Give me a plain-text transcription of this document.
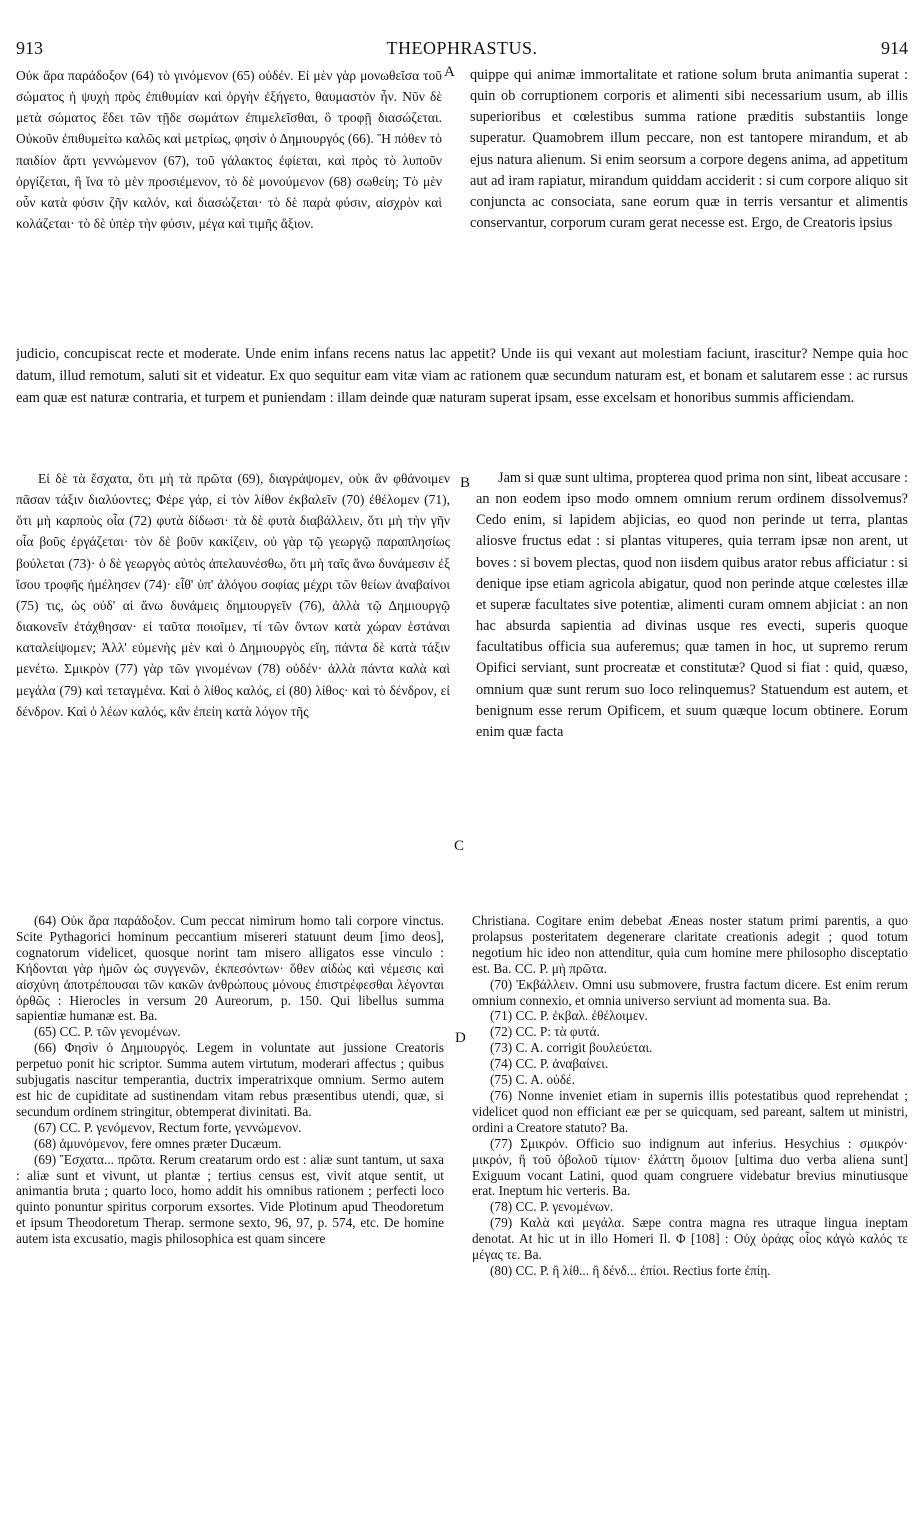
913	THEOPHRASTUS.	914
A
B
C
D

Οὐκ ἄρα παράδοξον (64) τὸ γινόμενον (65) οὐδέν. Εἰ μὲν γὰρ μονωθεῖσα τοῦ σώματος ἡ ψυχὴ πρὸς ἐπιθυμίαν καὶ ὀργὴν ἐξήγετο, θαυμαστὸν ἦν. Νῦν δὲ μετὰ σώματος ἔδει τῶν τῇδε σωμάτων ἐπιμελεῖσθαι, ὃ τροφῇ διασώζεται. Οὐκοῦν ἐπιθυμείτω καλῶς καὶ μετρίως, φησὶν ὁ Δημιουργός (66). Ἢ πόθεν τὸ παιδίον ἄρτι γεννώμενον (67), τοῦ γάλακτος ἐφίεται, καὶ πρὸς τὸ λυποῦν ὀργίζεται, ἢ ἵνα τὸ μὲν προσιέμενον, τὸ δὲ μονούμενον (68) σωθείη; Τὸ μὲν οὖν κατὰ φύσιν ζῆν καλόν, καὶ διασώζεται· τὸ δὲ παρὰ φύσιν, αἰσχρὸν καὶ κολάζεται· τὸ δὲ ὑπὲρ τὴν φύσιν, μέγα καὶ τιμῆς ἄξιον.

quippe qui animæ immortalitate et ratione solum bruta animantia superat : quin ob corruptionem corporis et alimenti sibi necessarium usum, ab illis superioribus et cœlestibus summa ratione præditis substantiis longe superatur. Quamobrem illum peccare, non est tantopere mirandum, et ab ejus natura alienum. Si enim seorsum a corpore degens anima, ad appetitum aut ad iram rapiatur, mirandum quiddam acciderit : si cum corpore aliquo sit conjuncta ac consociata, sane eorum quæ in terris versantur et alimentis conservantur, corporum curam gerat necesse est. Ergo, de Creatoris ipsius

judicio, concupiscat recte et moderate. Unde enim infans recens natus lac appetit? Unde iis qui vexant aut molestiam faciunt, irascitur? Nempe quia hoc datum, illud remotum, saluti sit et videatur. Ex quo sequitur eam vitæ viam ac rationem quæ secundum naturam est, et bonam et salutarem esse : ac rursus eam quæ est naturæ contraria, et turpem et puniendam : illam deinde quæ naturam superat ipsam, esse excelsam et honoribus summis afficiendam.

Εἰ δὲ τὰ ἔσχατα, ὅτι μὴ τὰ πρῶτα (69), διαγράψομεν, οὐκ ἂν φθάνοιμεν πᾶσαν τάξιν διαλύοντες; Φέρε γάρ, εἰ τὸν λίθον ἐκβαλεῖν (70) ἐθέλομεν (71), ὅτι μὴ καρποὺς οἷα (72) φυτὰ δίδωσι· τὰ δὲ φυτὰ διαβάλλειν, ὅτι μὴ τὴν γῆν οἷα βοῦς ἐργάζεται· τὸν δὲ βοῦν κακίζειν, οὐ γὰρ τῷ γεωργῷ παραπλησίως βούλεται (73)· ὁ δὲ γεωργὸς αὐτὸς ἀπελαυνέσθω, ὅτι μὴ ταῖς ἄνω δυνάμεσιν ἐξ ἴσου τροφῆς ἠμέλησεν (74)· εἶθ' ὑπ' ἀλόγου σοφίας μέχρι τῶν θείων ἀναβαίνοι (75) τις, ὡς οὐδ' αἱ ἄνω δυνάμεις δημιουργεῖν (76), ἀλλὰ τῷ Δημιουργῷ διακονεῖν ἐτάχθησαν· εἰ ταῦτα ποιοῖμεν, τί τῶν ὄντων κατὰ χώραν ἑστάναι καταλείψομεν; Ἀλλ' εὐμενὴς μὲν καὶ ὁ Δημιουργὸς εἴη, πάντα δὲ κατὰ τάξιν μενέτω. Σμικρὸν (77) γὰρ τῶν γινομένων (78) οὐδέν· ἀλλὰ πάντα καλὰ καὶ μεγάλα (79) καὶ τεταγμένα. Καὶ ὁ λίθος καλός, εἰ (80) λίθος· καὶ τὸ δένδρον, εἰ δένδρον. Καὶ ὁ λέων καλός, κἂν ἐπείη κατὰ λόγον τῆς

Jam si quæ sunt ultima, propterea quod prima non sint, libeat accusare : an non eodem ipso modo omnem omnium rerum ordinem dissolvemus? Cedo enim, si lapidem abjicias, eo quod non perinde ut terra, plantas aliosve fructus edat : si plantas vituperes, quia terram ipsæ non arent, ut boves : si bovem plectas, quod non iisdem quibus arator rebus afficiatur : si denique ipse etiam agricola abigatur, quod non perinde atque cœlestes illæ et superæ facultates sive potentiæ, alimenti curam omnem abjiciat : an non hac absurda sapientia ad divinas usque res evecti, superis quoque facultatibus officia sua auferemus; quæ tamen in hoc, ut supremo rerum Opifici serviant, sunt procreatæ et constitutæ? Quod si fiat : quid, quæso, omnium quæ sunt rerum suo loco relinquemus? Statuendum est autem, et benignum esse rerum Opificem, et suum quæque locum obtinere. Eorum enim quæ facta

(64) Οὐκ ἄρα παράδοξον. Cum peccat nimirum homo tali corpore vinctus. Scite Pythagorici hominum peccantium misereri statuunt deum [imo deos], cognatorum videlicet, quosque norint tam misero alligatos esse vinculo : Κήδονται γὰρ ἡμῶν ὡς συγγενῶν, ἐκπεσόντων· ὅθεν αἰδὼς καὶ νέμεσις καὶ αἰσχύνη ἀποτρέπουσαι τῶν κακῶν ἀνθρώπους μόνους ἐπιστρέφεσθαι λέγονται ὀρθῶς : Hierocles in versum 20 Aureorum, p. 150. Qui libellus summa sapientiæ humanæ est. Ba.

(65) CC. P. τῶν γενομένων.

(66) Φησὶν ὁ Δημιουργός. Legem in voluntate aut jussione Creatoris perpetuo ponit hic scriptor. Summa autem virtutum, moderari affectus ; quibus subjugatis nascitur temperantia, ductrix imperatrixque omnium. Sermo autem est hic de cupiditate ad sustinendam vitam rebus præsentibus utendi, quæ, si secundum ordinem stringitur, obtemperat divinitati. Ba.

(67) CC. P. γενόμενον, Rectum forte, γεννώμενον.

(68) ἀμυνόμενον, fere omnes præter Ducæum.

(69) Ἔσχατα... πρῶτα. Rerum creatarum ordo est : aliæ sunt tantum, ut saxa : aliæ sunt et vivunt, ut plantæ ; tertius census est, vivit atque sentit, ut animantia bruta ; quarto loco, homo addit his omnibus rationem ; perfecti loco quinto ponuntur spiritus corporum exsortes. Vide Plotinum apud Theodoretum et ipsum Theodoretum Therap. sermone sexto, 96, 97, p. 574, etc. De homine autem ista excusatio, magis philosophica est quam sincere

Christiana. Cogitare enim debebat Æneas noster statum primi parentis, a quo prolapsus posteritatem degenerare claritate creationis adegit ; quod totum negotium hic ideo non attenditur, quia cum homine mere philosopho disceptatio est. Ba. CC. P. μὴ πρῶτα.

(70) Ἐκβάλλειν. Omni usu submovere, frustra factum dicere. Est enim rerum omnium connexio, et omnia universo serviunt ad momenta sua. Ba.

(71) CC. P. ἐκβαλ. ἐθέλοιμεν.

(72) CC. P: τὰ φυτά.

(73) C. A. corrigit βουλεύεται.

(74) CC. P. ἀναβαίνει.

(75) C. A. οὐδέ.

(76) Nonne inveniet etiam in supernis illis potestatibus quod reprehendat ; videlicet quod non efficiant eæ per se quicquam, sed pareant, saltem ut ministri, ordini a Creatore statuto? Ba.

(77) Σμικρόν. Officio suo indignum aut inferius. Hesychius : σμικρόν· μικρόν, ἢ τοῦ ὀβολοῦ τίμιον· ἐλάττη ὅμοιον [ultima duo verba aliena sunt] Exiguum vocant Latini, quod quam congruere videbatur brevius minutiusque erat. Ineptum hic verteris. Ba.

(78) CC. P. γενομένων.

(79) Καλὰ καὶ μεγάλα. Sæpe contra magna res utraque lingua ineptam denotat. At hic ut in illo Homeri Il. Φ [108] : Οὐχ ὁράᾳς οἷος κἀγὼ καλός τε μέγας τε. Ba.

(80) CC. P. ἢ λίθ... ἢ δένδ... ἐπίοι. Rectius forte ἐπίῃ.
